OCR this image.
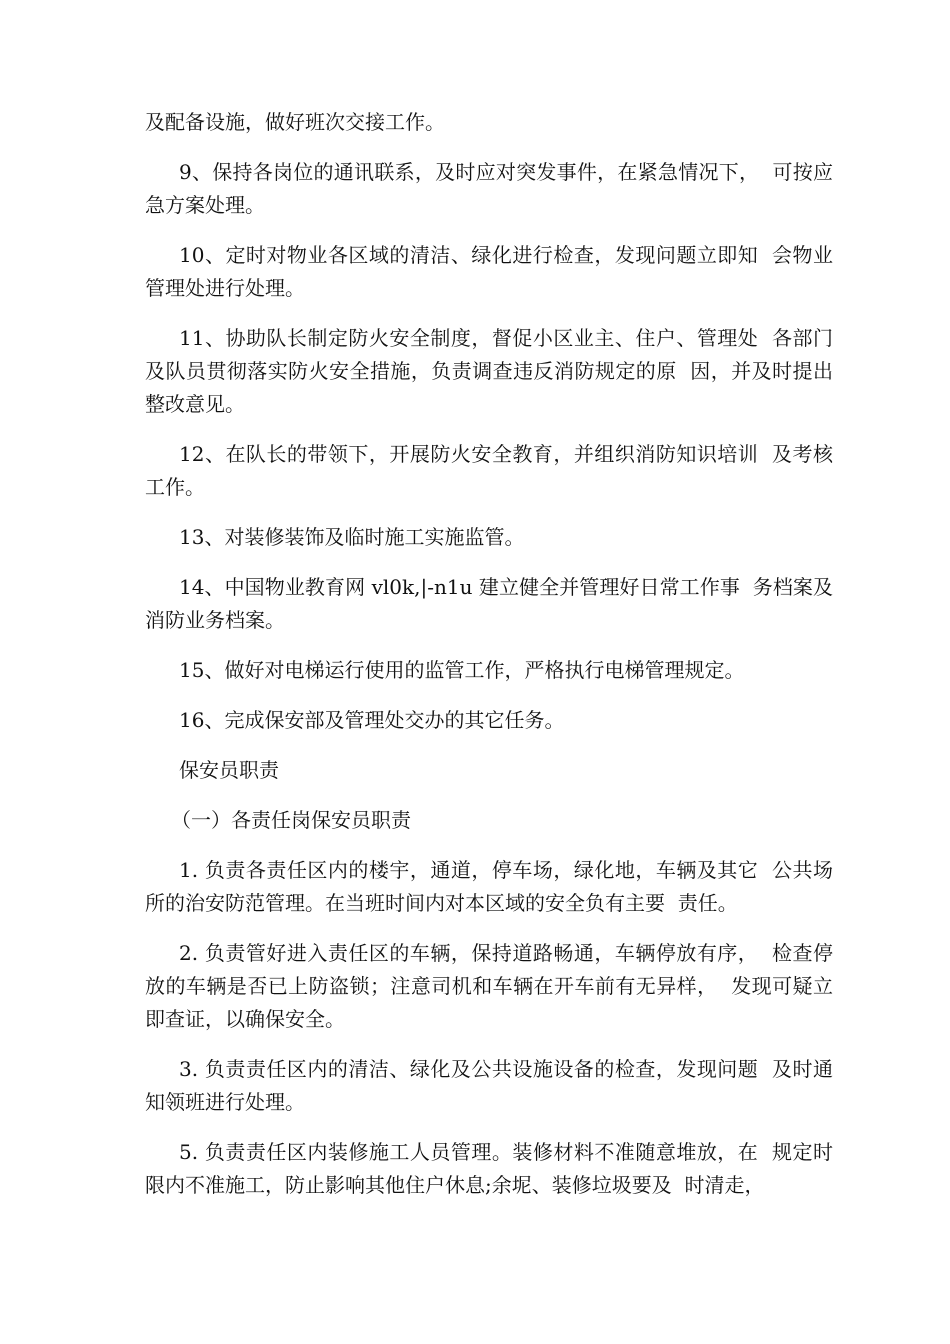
及配备设施，做好班次交接工作。

9、保持各岗位的通讯联系，及时应对突发事件，在紧急情况下，  可按应急方案处理。

10、定时对物业各区域的清洁、绿化进行检查，发现问题立即知  会物业管理处进行处理。

11、协助队长制定防火安全制度，督促小区业主、住户、管理处  各部门及队员贯彻落实防火安全措施，负责调查违反消防规定的原  因，并及时提出整改意见。

12、在队长的带领下，开展防火安全教育，并组织消防知识培训  及考核工作。

13、对装修装饰及临时施工实施监管。

14、中国物业教育网 vl0k,|-n1u 建立健全并管理好日常工作事  务档案及消防业务档案。

15、做好对电梯运行使用的监管工作，严格执行电梯管理规定。

16、完成保安部及管理处交办的其它任务。

保安员职责

（一）各责任岗保安员职责

1. 负责各责任区内的楼宇，通道，停车场，绿化地，车辆及其它  公共场所的治安防范管理。在当班时间内对本区域的安全负有主要  责任。

2. 负责管好进入责任区的车辆，保持道路畅通，车辆停放有序，  检查停放的车辆是否已上防盗锁；注意司机和车辆在开车前有无异样，  发现可疑立即查证，以确保安全。

3. 负责责任区内的清洁、绿化及公共设施设备的检查，发现问题  及时通知领班进行处理。

5. 负责责任区内装修施工人员管理。装修材料不准随意堆放，在  规定时限内不准施工，防止影响其他住户休息;余坭、装修垃圾要及  时清走，
